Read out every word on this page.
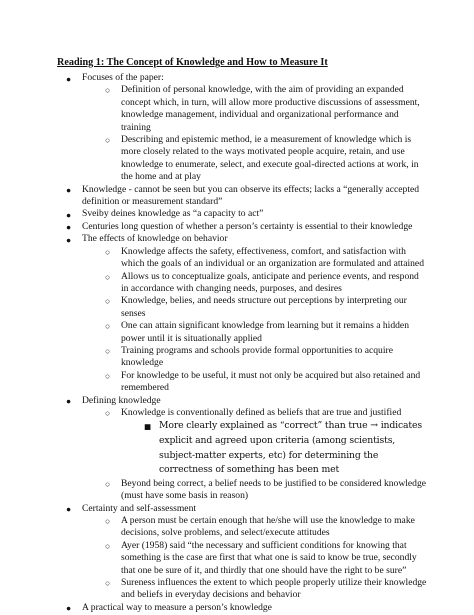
Reading 1: The Concept of Knowledge and How to Measure It
● Focuses of the paper:
○ Definition of personal knowledge, with the aim of providing an expanded concept which, in turn, will allow more productive discussions of assessment, knowledge management, individual and organizational performance and training
○ Describing and epistemic method, ie a measurement of knowledge which is more closely related to the ways motivated people acquire, retain, and use knowledge to enumerate, select, and execute goal-directed actions at work, in the home and at play
● Knowledge - cannot be seen but you can observe its effects; lacks a “generally accepted definition or measurement standard”
● Sveiby deines knowledge as “a capacity to act”
● Centuries long question of whether a person’s certainty is essential to their knowledge
● The effects of knowledge on behavior
○ Knowledge affects the safety, effectiveness, comfort, and satisfaction with which the goals of an individual or an organization are formulated and attained
○ Allows us to conceptualize goals, anticipate and perience events, and respond in accordance with changing needs, purposes, and desires
○ Knowledge, belies, and needs structure out perceptions by interpreting our senses
○ One can attain significant knowledge from learning but it remains a hidden power until it is situationally applied
○ Training programs and schools provide formal opportunities to acquire knowledge
○ For knowledge to be useful, it must not only be acquired but also retained and remembered
● Defining knowledge
○ Knowledge is conventionally defined as beliefs that are true and justified
■ More clearly explained as “correct” than true → indicates explicit and agreed upon criteria (among scientists, subject-matter experts, etc) for determining the correctness of something has been met
○ Beyond being correct, a belief needs to be justified to be considered knowledge (must have some basis in reason)
● Certainty and self-assessment
○ A person must be certain enough that he/she will use the knowledge to make decisions, solve problems, and select/execute attitudes
○ Ayer (1958) said “the necessary and sufficient conditions for knowing that something is the case are first that what one is said to know be true, secondly that one be sure of it, and thirdly that one should have the right to be sure”
○ Sureness influences the extent to which people properly utilize their knowledge and beliefs in everyday decisions and behavior
● A practical way to measure a person’s knowledge
